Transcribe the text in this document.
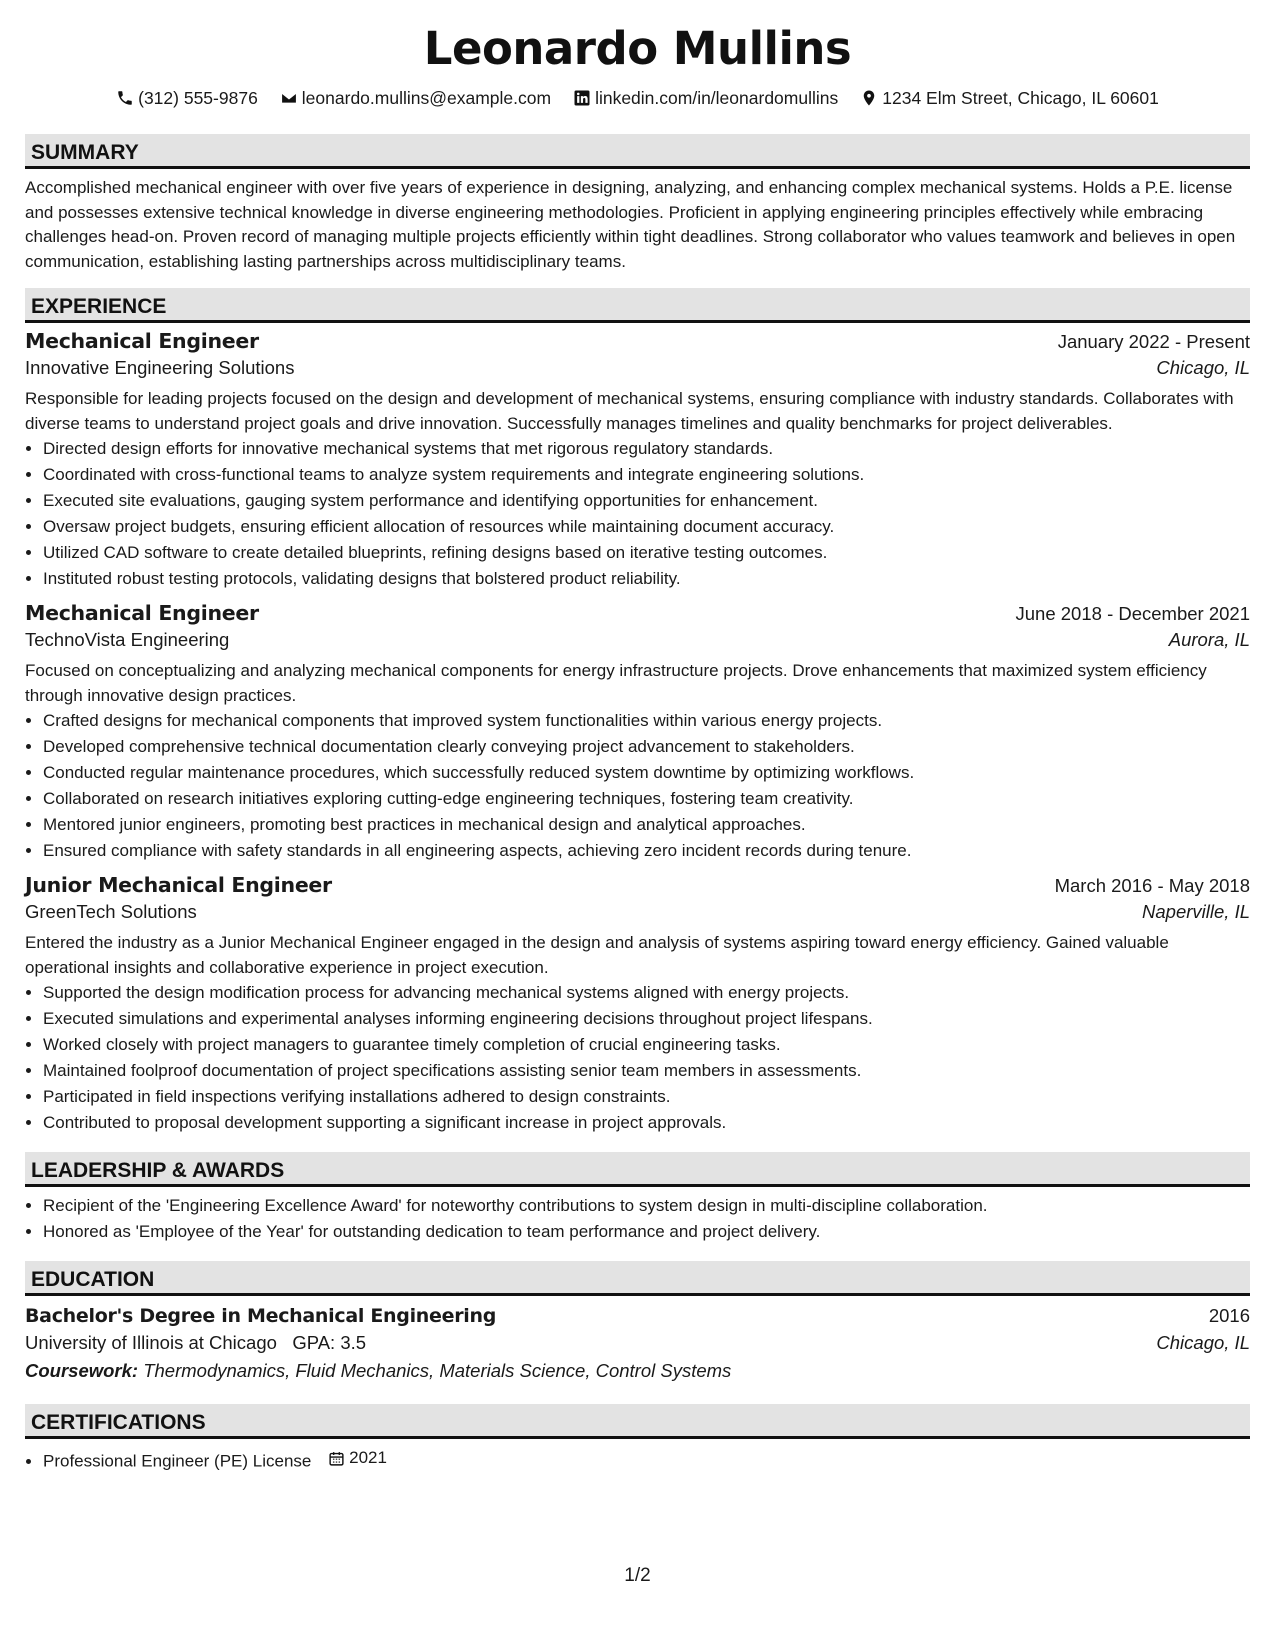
Leonardo Mullins
(312) 555-9876	leonardo.mullins@example.com	linkedin.com/in/leonardomullins	1234 Elm Street, Chicago, IL 60601
SUMMARY

Accomplished mechanical engineer with over five years of experience in designing, analyzing, and enhancing complex mechanical systems. Holds a P.E. license and possesses extensive technical knowledge in diverse engineering methodologies. Proficient in applying engineering principles effectively while embracing challenges head-on. Proven record of managing multiple projects efficiently within tight deadlines. Strong collaborator who values teamwork and believes in open communication, establishing lasting partnerships across multidisciplinary teams.

EXPERIENCE
Mechanical Engineer	January 2022 - Present
Innovative Engineering Solutions	Chicago, IL

Responsible for leading projects focused on the design and development of mechanical systems, ensuring compliance with industry standards. Collaborates with diverse teams to understand project goals and drive innovation. Successfully manages timelines and quality benchmarks for project deliverables.

• Directed design efforts for innovative mechanical systems that met rigorous regulatory standards.
• Coordinated with cross-functional teams to analyze system requirements and integrate engineering solutions.
• Executed site evaluations, gauging system performance and identifying opportunities for enhancement.
• Oversaw project budgets, ensuring efficient allocation of resources while maintaining document accuracy.
• Utilized CAD software to create detailed blueprints, refining designs based on iterative testing outcomes.
• Instituted robust testing protocols, validating designs that bolstered product reliability.
Mechanical Engineer	June 2018 - December 2021
TechnoVista Engineering	Aurora, IL

Focused on conceptualizing and analyzing mechanical components for energy infrastructure projects. Drove enhancements that maximized system efficiency through innovative design practices.

• Crafted designs for mechanical components that improved system functionalities within various energy projects.
• Developed comprehensive technical documentation clearly conveying project advancement to stakeholders.
• Conducted regular maintenance procedures, which successfully reduced system downtime by optimizing workflows.
• Collaborated on research initiatives exploring cutting-edge engineering techniques, fostering team creativity.
• Mentored junior engineers, promoting best practices in mechanical design and analytical approaches.
• Ensured compliance with safety standards in all engineering aspects, achieving zero incident records during tenure.
Junior Mechanical Engineer	March 2016 - May 2018
GreenTech Solutions	Naperville, IL

Entered the industry as a Junior Mechanical Engineer engaged in the design and analysis of systems aspiring toward energy efficiency. Gained valuable operational insights and collaborative experience in project execution.

• Supported the design modification process for advancing mechanical systems aligned with energy projects.
• Executed simulations and experimental analyses informing engineering decisions throughout project lifespans.
• Worked closely with project managers to guarantee timely completion of crucial engineering tasks.
• Maintained foolproof documentation of project specifications assisting senior team members in assessments.
• Participated in field inspections verifying installations adhered to design constraints.
• Contributed to proposal development supporting a significant increase in project approvals.
LEADERSHIP & AWARDS
• Recipient of the 'Engineering Excellence Award' for noteworthy contributions to system design in multi-discipline collaboration.
• Honored as 'Employee of the Year' for outstanding dedication to team performance and project delivery.
EDUCATION
Bachelor's Degree in Mechanical Engineering	2016
University of Illinois at Chicago GPA: 3.5	Chicago, IL
Coursework: Thermodynamics, Fluid Mechanics, Materials Science, Control Systems
CERTIFICATIONS
• Professional Engineer (PE) License 2021
1/2
